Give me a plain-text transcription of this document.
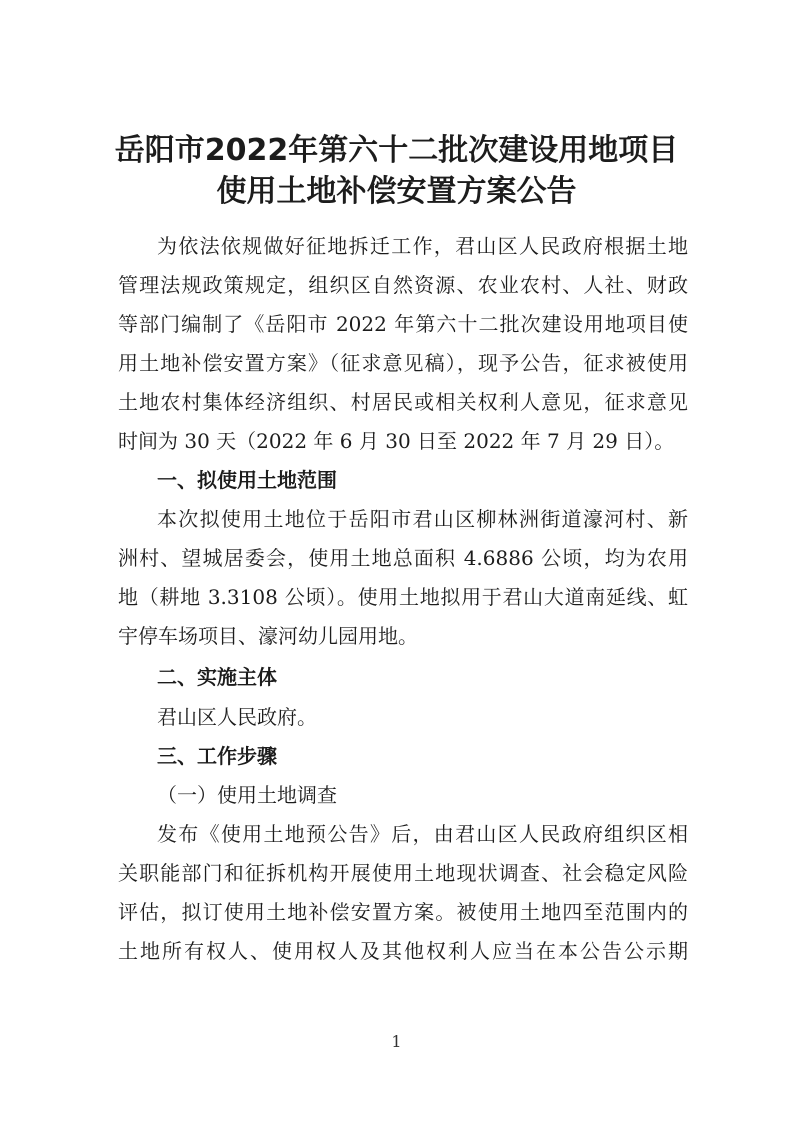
岳阳市2022年第六十二批次建设用地项目
使用土地补偿安置方案公告
为依法依规做好征地拆迁工作，君山区人民政府根据土地
管理法规政策规定，组织区自然资源、农业农村、人社、财政
等部门编制了《岳阳市 2022 年第六十二批次建设用地项目使
用土地补偿安置方案》（征求意见稿），现予公告，征求被使用
土地农村集体经济组织、村居民或相关权利人意见，征求意见
时间为 30 天（2022 年 6 月 30 日至 2022 年 7 月 29 日）。
一、拟使用土地范围
本次拟使用土地位于岳阳市君山区柳林洲街道濠河村、新
洲村、望城居委会，使用土地总面积 4.6886 公顷，均为农用
地（耕地 3.3108 公顷）。使用土地拟用于君山大道南延线、虹
宇停车场项目、濠河幼儿园用地。
二、实施主体
君山区人民政府。
三、工作步骤
（一）使用土地调查
发布《使用土地预公告》后，由君山区人民政府组织区相
关职能部门和征拆机构开展使用土地现状调查、社会稳定风险
评估，拟订使用土地补偿安置方案。被使用土地四至范围内的
土地所有权人、使用权人及其他权利人应当在本公告公示期
1
